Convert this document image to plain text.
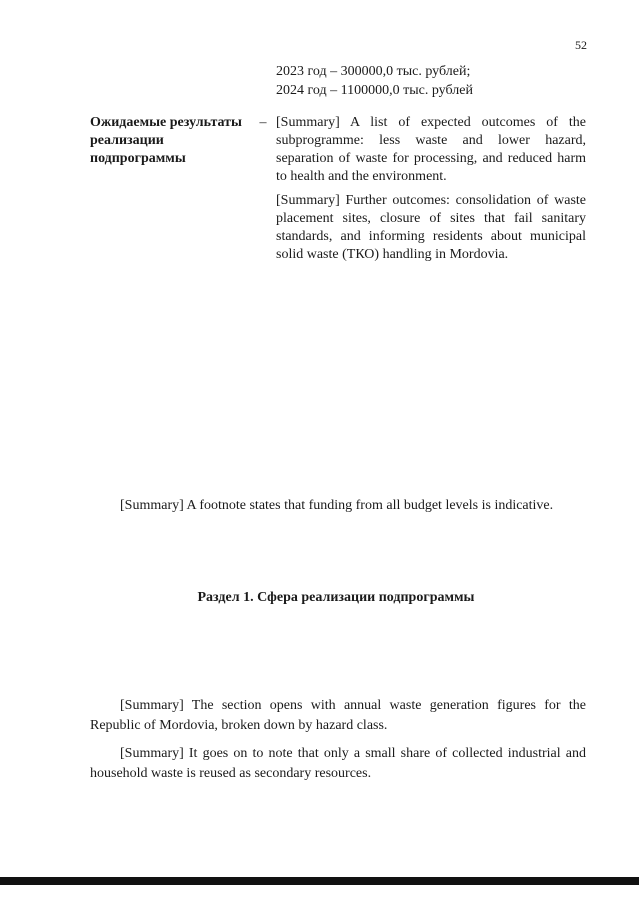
52
2023 год – 300000,0 тыс. рублей;
2024 год – 1100000,0 тыс. рублей
Ожидаемые результаты реализации подпрограммы
– [Summary] A list of expected outcomes of the subprogramme: less waste and lower hazard, separation of waste for processing, and reduced harm to health and the environment.

[Summary] Further outcomes: consolidation of waste placement sites, closure of sites that fail sanitary standards, and informing residents about municipal solid waste (ТКО) handling in Mordovia.

[Summary] A footnote states that funding from all budget levels is indicative.

Раздел 1. Сфера реализации подпрограммы

[Summary] The section opens with annual waste generation figures for the Republic of Mordovia, broken down by hazard class.

[Summary] It goes on to note that only a small share of collected industrial and household waste is reused as secondary resources.
